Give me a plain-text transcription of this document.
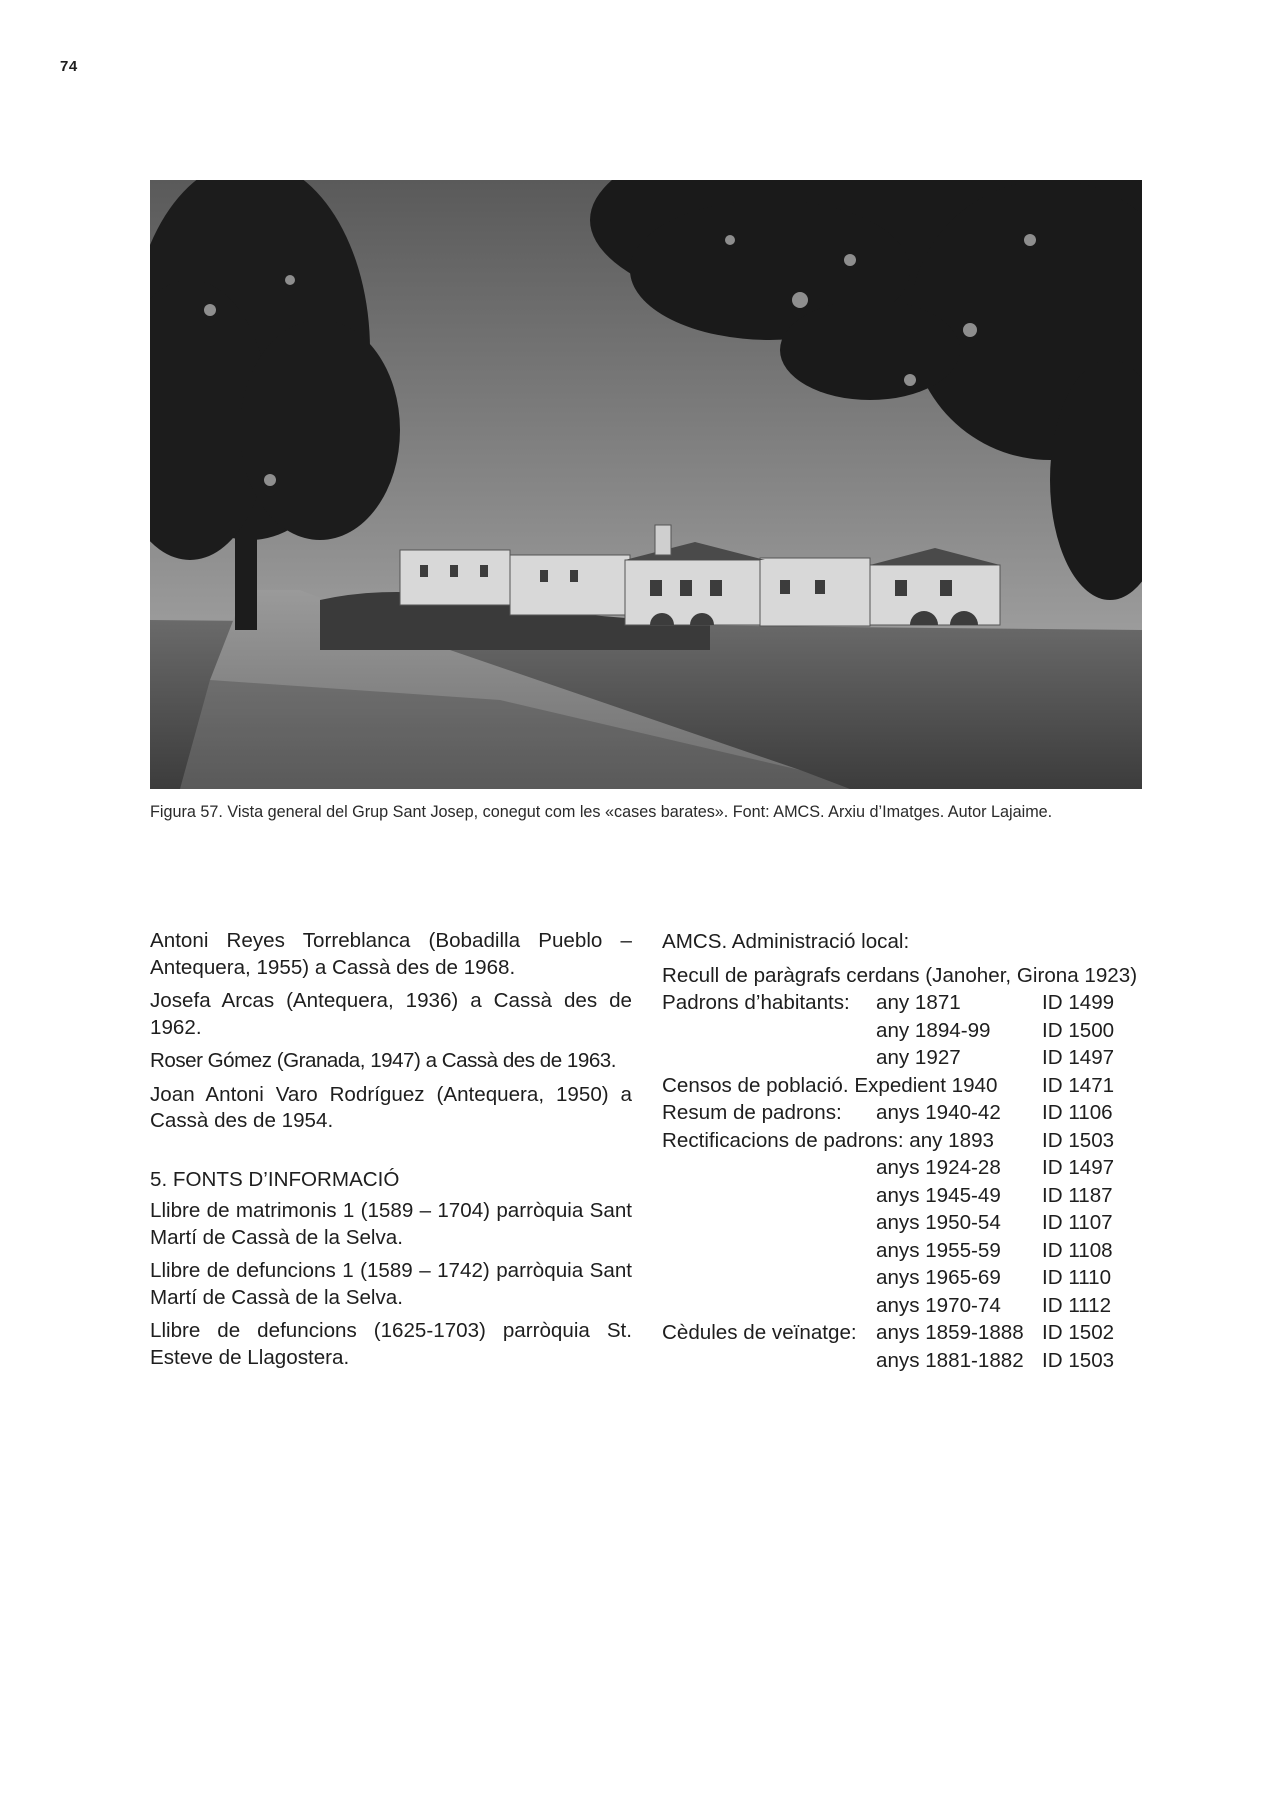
74
Figura 57. Vista general del Grup Sant Josep, conegut com les «cases barates». Font: AMCS. Arxiu d’Imatges. Autor Lajaime.

Antoni Reyes Torreblanca (Bobadilla Pueblo – Antequera, 1955) a Cassà des de 1968.

Josefa Arcas (Antequera, 1936) a Cassà des de 1962.

Roser Gómez (Granada, 1947) a Cassà des de 1963.

Joan Antoni Varo Rodríguez (Antequera, 1950) a Cassà des de 1954.

5. FONTS D’INFORMACIÓ

Llibre de matrimonis 1 (1589 – 1704) parròquia Sant Martí de Cassà de la Selva.

Llibre de defuncions 1 (1589 – 1742) parròquia Sant Martí de Cassà de la Selva.

Llibre de defuncions (1625-1703) parròquia St. Esteve de Llagostera.

AMCS. Administració local:
Recull de paràgrafs cerdans (Janoher, Girona 1923)
Padrons d’habitants: any 1871	ID 1499
any 1894-99 ID 1500
any 1927	ID 1497
Censos de població. Expedient 1940 ID 1471
Resum de padrons: anys 1940-42 ID 1106
Rectificacions de padrons: any 1893 ID 1503
anys 1924-28 ID 1497
anys 1945-49 ID 1187
anys 1950-54 ID 1107
anys 1955-59 ID 1108
anys 1965-69 ID 1110
anys 1970-74 ID 1112
Cèdules de veïnatge: anys 1859-1888 ID 1502
anys 1881-1882 ID 1503
